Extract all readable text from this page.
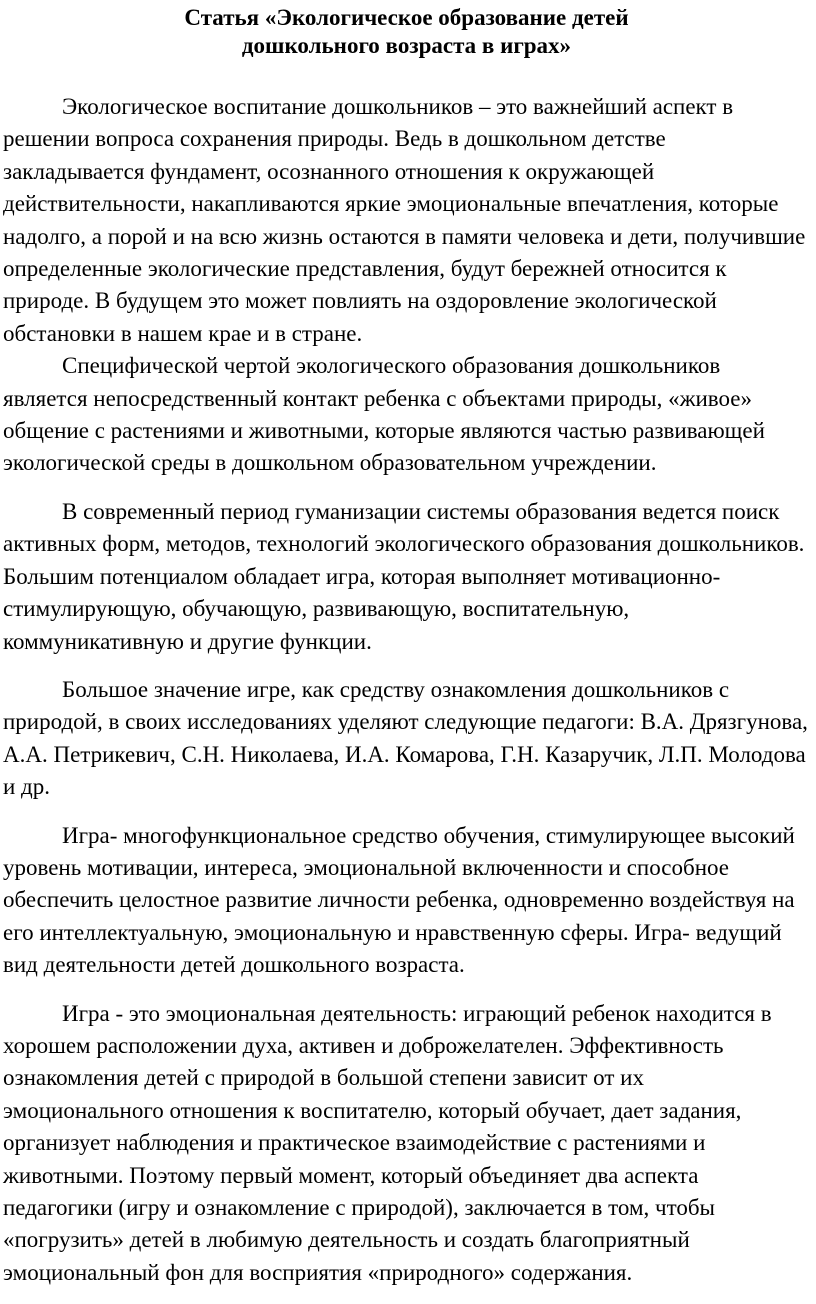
Статья «Экологическое образование детей
дошкольного возраста в играх»

Экологическое воспитание дошкольников – это важнейший аспект в решении вопроса сохранения природы. Ведь в дошкольном детстве закладывается фундамент, осознанного отношения к окружающей действительности, накапливаются яркие эмоциональные впечатления, которые надолго, а порой и на всю жизнь остаются в памяти человека и дети, получившие определенные экологические представления, будут бережней относится к природе. В будущем это может повлиять на оздоровление экологической обстановки в нашем крае и в стране.

Специфической чертой экологического образования дошкольников является непосредственный контакт ребенка с объектами природы, «живое» общение с растениями и животными, которые являются частью развивающей экологической среды в дошкольном образовательном учреждении.

В современный период гуманизации системы образования ведется поиск активных форм, методов, технологий экологического образования дошкольников. Большим потенциалом обладает игра, которая выполняет мотивационно- стимулирующую, обучающую, развивающую, воспитательную, коммуникативную и другие функции.

Большое значение игре, как средству ознакомления дошкольников с природой, в своих исследованиях уделяют следующие педагоги: В.А. Дрязгунова, А.А. Петрикевич, С.Н. Николаева, И.А. Комарова, Г.Н. Казаручик, Л.П. Молодова и др.

Игра- многофункциональное средство обучения, стимулирующее высокий уровень мотивации, интереса, эмоциональной включенности и способное обеспечить целостное развитие личности ребенка, одновременно воздействуя на его интеллектуальную, эмоциональную и нравственную сферы. Игра- ведущий вид деятельности детей дошкольного возраста.

Игра - это эмоциональная деятельность: играющий ребенок находится в хорошем расположении духа, активен и доброжелателен. Эффективность ознакомления детей с природой в большой степени зависит от их эмоционального отношения к воспитателю, который обучает, дает задания, организует наблюдения и практическое взаимодействие с растениями и животными. Поэтому первый момент, который объединяет два аспекта педагогики (игру и ознакомление с природой), заключается в том, чтобы «погрузить» детей в любимую деятельность и создать благоприятный эмоциональный фон для восприятия «природного» содержания.
